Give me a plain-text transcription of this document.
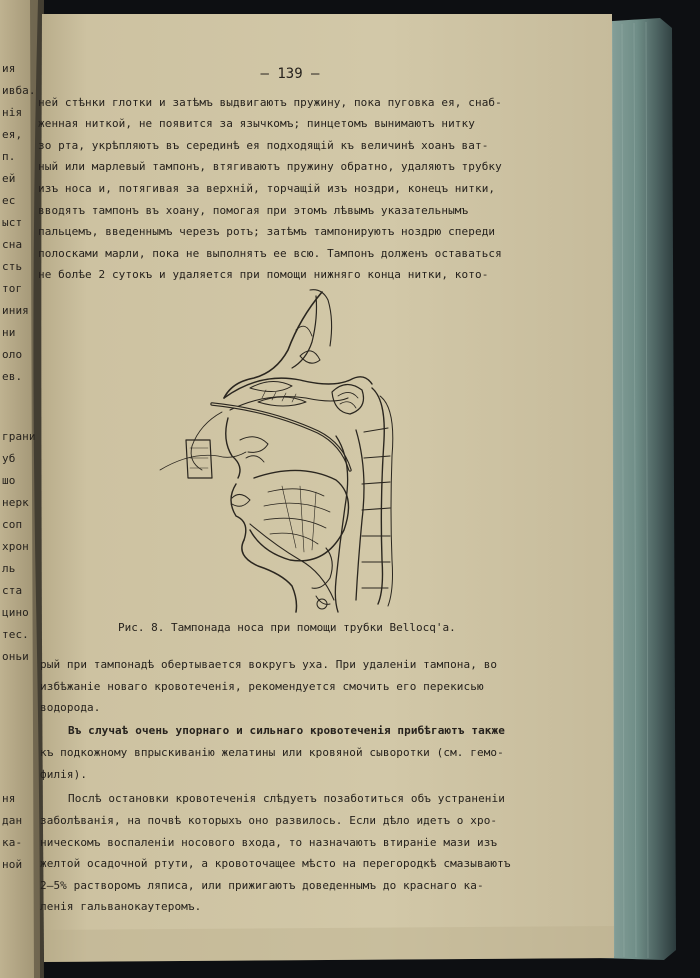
— 139 —

ней стѣнки глотки и затѣмъ выдвигаютъ пружину, пока пуговка ея, снаб-

женная ниткой, не появится за язычкомъ; пинцетомъ вынимаютъ нитку

зо рта, укрѣпляютъ въ серединѣ ея подходящій къ величинѣ хоанъ ват-

ный или марлевый тампонъ, втягиваютъ пружину обратно, удаляютъ трубку

изъ носа и, потягивая за верхній, торчащій изъ ноздри, конецъ нитки,

вводятъ тампонъ въ хоану, помогая при этомъ лѣвымъ указательнымъ

пальцемъ, введеннымъ черезъ ротъ; затѣмъ тампонируютъ ноздрю спереди

полосками марли, пока не выполнятъ ее всю. Тампонъ долженъ оставаться

не болѣе 2 сутокъ и удаляется при помощи нижняго конца нитки, кото-

Рис. 8. Тампонада носа при помощи трубки Bellocq'а.

рый при тампонадѣ обертывается вокругъ уха. При удаленіи тампона, во

избѣжаніе новаго кровотеченія, рекомендуется смочить его перекисью

водорода.

Въ случаѣ очень упорнаго и сильнаго кровотеченія прибѣгаютъ также

къ подкожному впрыскиванію желатины или кровяной сыворотки (см. гемо-

филія).

Послѣ остановки кровотеченія слѣдуетъ позаботиться объ устраненіи

заболѣванія, на почвѣ которыхъ оно развилось. Если дѣло идетъ о хро-

ническомъ воспаленіи носового входа, то назначаютъ втираніе мази изъ

желтой осадочной ртути, а кровоточащее мѣсто на перегородкѣ смазываютъ

2—5% растворомъ ляписа, или прижигаютъ доведеннымъ до краснаго ка-

ленія гальванокаутеромъ.

ия

ивба.

нія

ея,

п.

ей

ес

ыст

сна

сть

тог

иния

ни

оло

ев.

грани

уб

шо

нерк

соп

хрон

ль

ста

цино

тес.

оньи

ня

дан

ка-

ной
